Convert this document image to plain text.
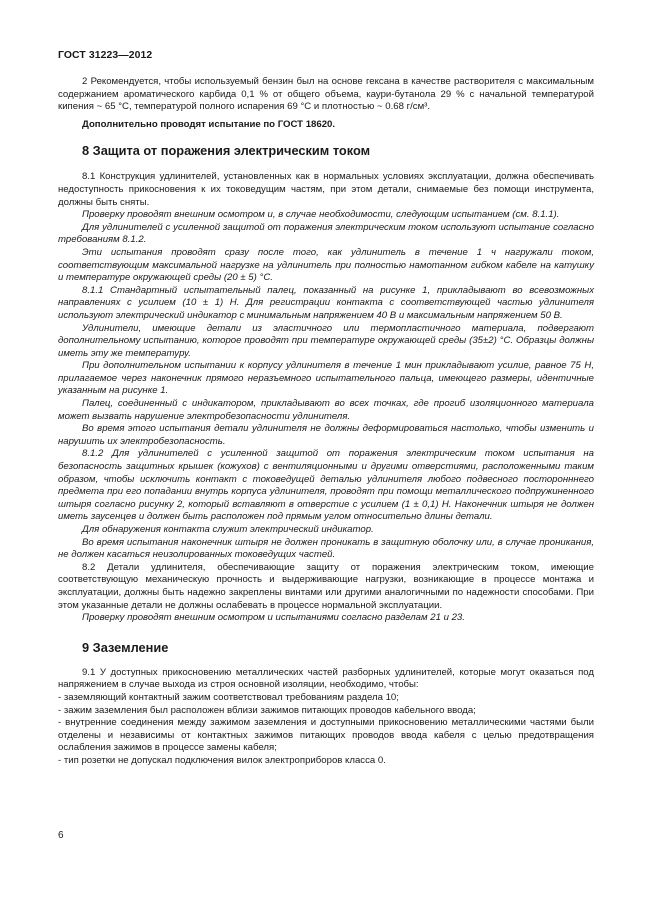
ГОСТ 31223—2012

2 Рекомендуется, чтобы используемый бензин был на основе гексана в качестве растворителя с максимальным содержанием ароматического карбида 0,1 % от общего объема, каури-бутанола 29 % с начальной температурой кипения ~ 65 °С, температурой полного испарения 69 °С и плотностью ~ 0.68 г/см³.

Дополнительно проводят испытание по ГОСТ 18620.

8 Защита от поражения электрическим током

8.1 Конструкция удлинителей, установленных как в нормальных условиях эксплуатации, должна обеспечивать недоступность прикосновения к их токоведущим частям, при этом детали, снимаемые без помощи инструмента, должны быть сняты.

Проверку проводят внешним осмотром и, в случае необходимости, следующим испытанием (см. 8.1.1).

Для удлинителей с усиленной защитой от поражения электрическим током используют испытание согласно требованиям 8.1.2.

Эти испытания проводят сразу после того, как удлинитель в течение 1 ч нагружали током, соответствующим максимальной нагрузке на удлинитель при полностью намотанном гибком кабеле на катушку и температуре окружающей среды (20 ± 5) °С.

8.1.1 Стандартный испытательный палец, показанный на рисунке 1, прикладывают во всевозможных направлениях с усилием (10 ± 1) Н. Для регистрации контакта с соответствующей частью удлинителя используют электрический индикатор с минимальным напряжением 40 В и максимальным напряжением 50 В.

Удлинители, имеющие детали из эластичного или термопластичного материала, подвергают дополнительному испытанию, которое проводят при температуре окружающей среды (35±2) °С. Образцы должны иметь эту же температуру.

При дополнительном испытании к корпусу удлинителя в течение 1 мин прикладывают усилие, равное 75 Н, прилагаемое через наконечник прямого неразъемного испытательного пальца, имеющего размеры, идентичные указанным на рисунке 1.

Палец, соединенный с индикатором, прикладывают во всех точках, где прогиб изоляционного материала может вызвать нарушение электробезопасности удлинителя.

Во время этого испытания детали удлинителя не должны деформироваться настолько, чтобы изменить и нарушить их электробезопасность.

8.1.2 Для удлинителей с усиленной защитой от поражения электрическим током испытания на безопасность защитных крышек (кожухов) с вентиляционными и другими отверстиями, расположенными таким образом, чтобы исключить контакт с токоведущей деталью удлинителя любого подвесного посторонннего предмета при его попадании внутрь корпуса удлинителя, проводят при помощи металлического подпружиненного штыря согласно рисунку 2, который вставляют в отверстие с усилием (1 ± 0,1) Н. Наконечник штыря не должен иметь заусенцев и должен быть расположен под прямым углом относительно длины детали.

Для обнаружения контакта служит электрический индикатор.

Во время испытания наконечник штыря не должен проникать в защитную оболочку или, в случае проникания, не должен касаться неизолированных токоведущих частей.

8.2 Детали удлинителя, обеспечивающие защиту от поражения электрическим током, имеющие соответствующую механическую прочность и выдерживающие нагрузки, возникающие в процессе монтажа и эксплуатации, должны быть надежно закреплены винтами или другими аналогичными по надежности способами. При этом указанные детали не должны ослабевать в процессе нормальной эксплуатации.

Проверку проводят внешним осмотром и испытаниями согласно разделам 21 и 23.

9 Заземление

9.1 У доступных прикосновению металлических частей разборных удлинителей, которые могут оказаться под напряжением в случае выхода из строя основной изоляции, необходимо, чтобы:

- заземляющий контактный зажим соответствовал требованиям раздела 10;

- зажим заземления был расположен вблизи зажимов питающих проводов кабельного ввода;

- внутренние соединения между зажимом заземления и доступными прикосновению металлическими частями были отделены и независимы от контактных зажимов питающих проводов ввода кабеля с целью предотвращения ослабления зажимов в процессе замены кабеля;

- тип розетки не допускал подключения вилок электроприборов класса 0.

6
